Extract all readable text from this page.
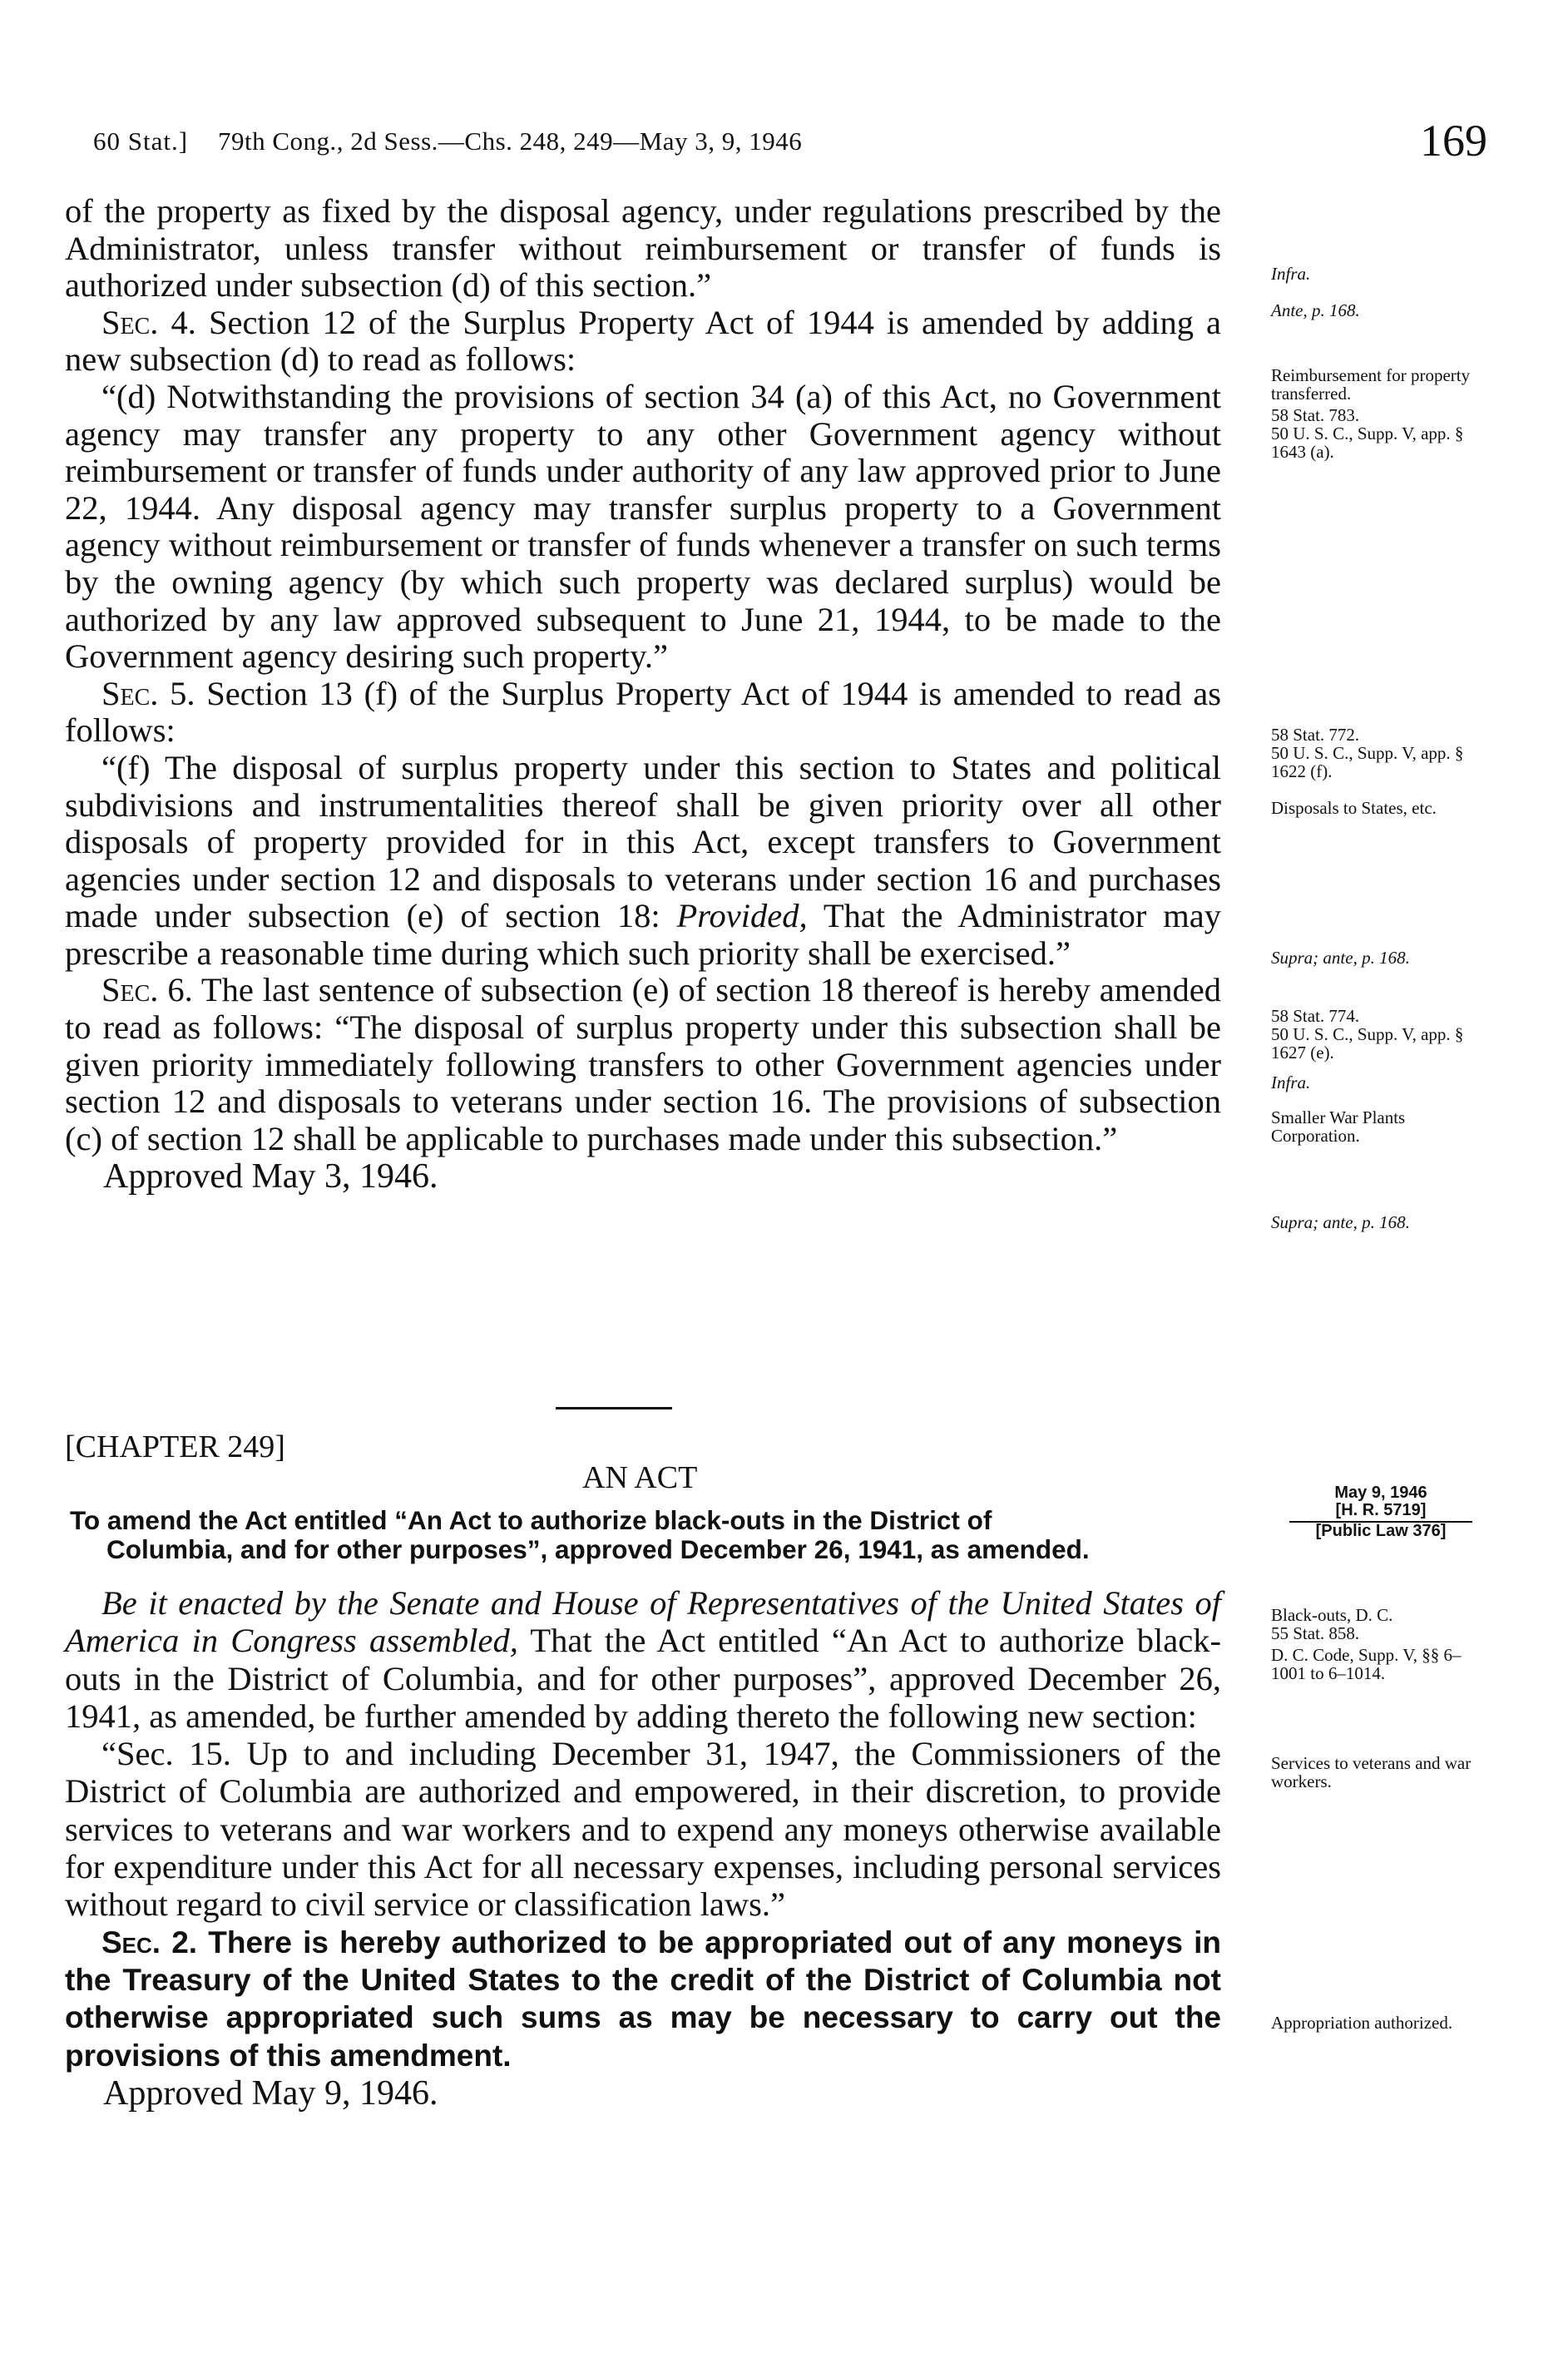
60 Stat.] 79th Cong., 2d Sess.—Chs. 248, 249—May 3, 9, 1946	169

of the property as fixed by the disposal agency, under regulations prescribed by the Administrator, unless transfer without reimbursement or transfer of funds is authorized under subsection (d) of this section.”

Sec. 4. Section 12 of the Surplus Property Act of 1944 is amended by adding a new subsection (d) to read as follows:

“(d) Notwithstanding the provisions of section 34 (a) of this Act, no Government agency may transfer any property to any other Government agency without reimbursement or transfer of funds under authority of any law approved prior to June 22, 1944. Any disposal agency may transfer surplus property to a Government agency without reimbursement or transfer of funds whenever a transfer on such terms by the owning agency (by which such property was declared surplus) would be authorized by any law approved subsequent to June 21, 1944, to be made to the Government agency desiring such property.”

Sec. 5. Section 13 (f) of the Surplus Property Act of 1944 is amended to read as follows:

“(f) The disposal of surplus property under this section to States and political subdivisions and instrumentalities thereof shall be given priority over all other disposals of property provided for in this Act, except transfers to Government agencies under section 12 and disposals to veterans under section 16 and purchases made under subsection (e) of section 18: Provided, That the Administrator may prescribe a reasonable time during which such priority shall be exercised.”

Sec. 6. The last sentence of subsection (e) of section 18 thereof is hereby amended to read as follows: “The disposal of surplus property under this subsection shall be given priority immediately following transfers to other Government agencies under section 12 and disposals to veterans under section 16. The provisions of subsection (c) of section 12 shall be applicable to purchases made under this subsection.”

Approved May 3, 1946.

Infra.
Ante, p. 168.
Reimbursement for property transferred.
58 Stat. 783.
50 U. S. C., Supp. V, app. § 1643 (a).
58 Stat. 772.
50 U. S. C., Supp. V, app. § 1622 (f).
Disposals to States, etc.
Supra; ante, p. 168.
58 Stat. 774.
50 U. S. C., Supp. V, app. § 1627 (e).
Infra.
Smaller War Plants Corporation.
Supra; ante, p. 168.
[CHAPTER 249]
AN ACT
To amend the Act entitled “An Act to authorize black-outs in the District of
Columbia, and for other purposes”, approved December 26, 1941, as amended.
May 9, 1946
[H. R. 5719]
[Public Law 376]

Be it enacted by the Senate and House of Representatives of the United States of America in Congress assembled, That the Act entitled “An Act to authorize black-outs in the District of Columbia, and for other purposes”, approved December 26, 1941, as amended, be further amended by adding thereto the following new section:

“Sec. 15. Up to and including December 31, 1947, the Commissioners of the District of Columbia are authorized and empowered, in their discretion, to provide services to veterans and war workers and to expend any moneys otherwise available for expenditure under this Act for all necessary expenses, including personal services without regard to civil service or classification laws.”

Sec. 2. There is hereby authorized to be appropriated out of any moneys in the Treasury of the United States to the credit of the District of Columbia not otherwise appropriated such sums as may be necessary to carry out the provisions of this amendment.

Approved May 9, 1946.

Black-outs, D. C.
55 Stat. 858.
D. C. Code, Supp. V, §§ 6–1001 to 6–1014.
Services to veterans and war workers.
Appropriation authorized.
